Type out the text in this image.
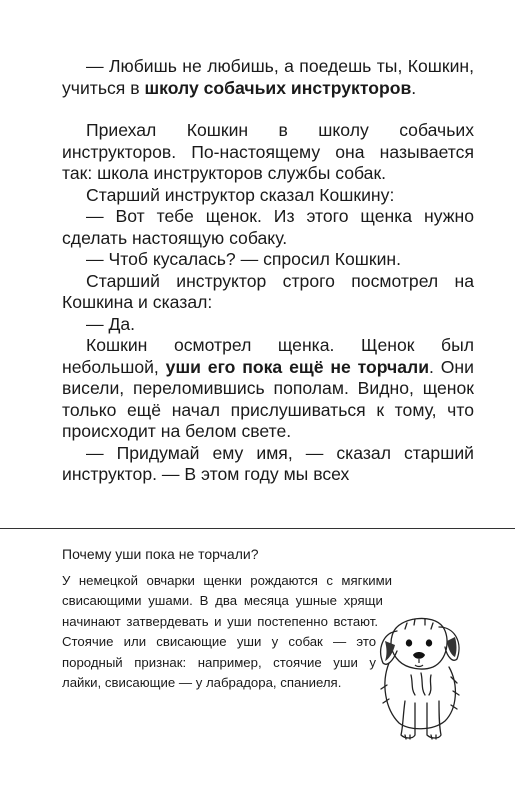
— Любишь не любишь, а поедешь ты, Кошкин, учиться в школу собачьих инструкторов.

Приехал Кошкин в школу собачьих инструкторов. По-настоящему она называется так: школа инструкторов службы собак.

Старший инструктор сказал Кошкину:

— Вот тебе щенок. Из этого щенка нужно сделать настоящую собаку.

— Чтоб кусалась? — спросил Кошкин.

Старший инструктор строго посмотрел на Кошкина и сказал:

— Да.

Кошкин осмотрел щенка. Щенок был небольшой, уши его пока ещё не торчали. Они висели, переломившись пополам. Видно, щенок только ещё начал прислушиваться к тому, что происходит на белом свете.

— Придумай ему имя, — сказал старший инструктор. — В этом году мы всех

Почему уши пока не торчали?

У немецкой овчарки щенки рождаются с мягкими свисающими ушами. В два месяца ушные хрящи начинают затвердевать и уши постепенно встают. Стоячие или свисающие уши у собак — это породный признак: например, стоячие уши у лайки, свисающие — у лабрадора, спаниеля.
